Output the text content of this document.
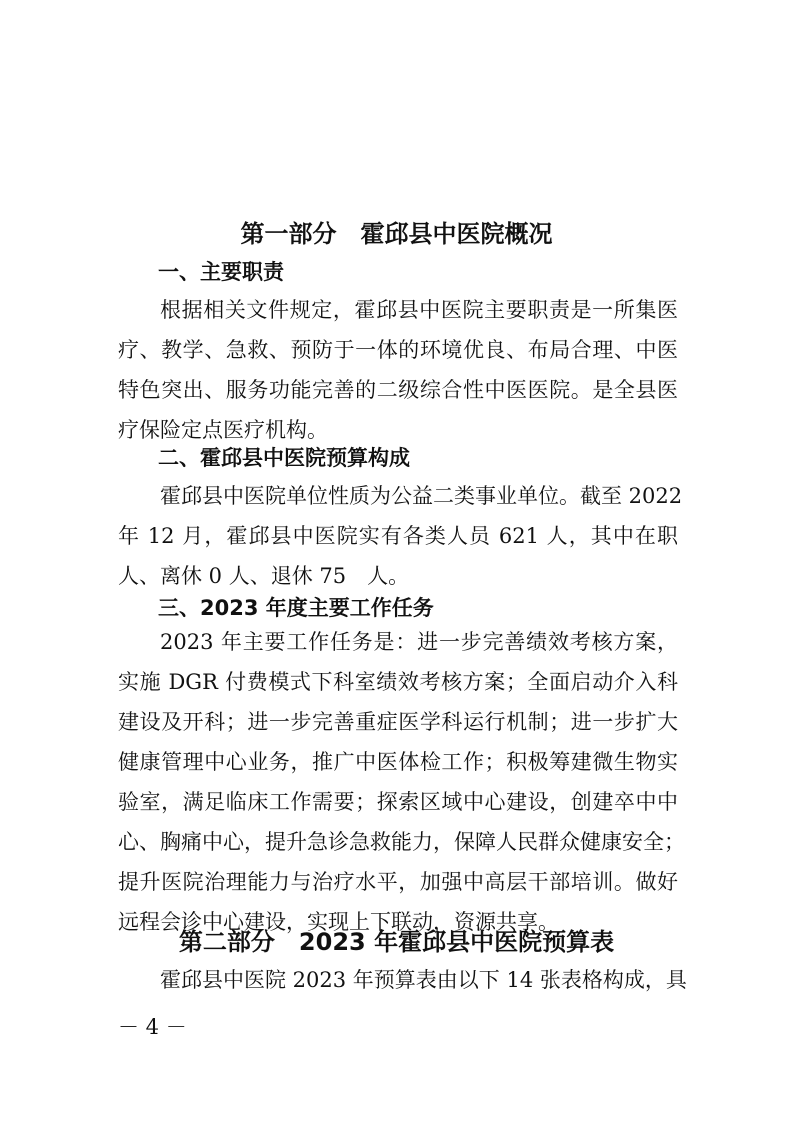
第一部分　霍邱县中医院概况
一、主要职责
根据相关文件规定，霍邱县中医院主要职责是一所集医
疗、教学、急救、预防于一体的环境优良、布局合理、中医
特色突出、服务功能完善的二级综合性中医医院。是全县医
疗保险定点医疗机构。
二、霍邱县中医院预算构成
霍邱县中医院单位性质为公益二类事业单位。截至 2022
年 12 月，霍邱县中医院实有各类人员 621 人，其中在职
人、离休 0 人、退休 75　人。
三、2023 年度主要工作任务
2023 年主要工作任务是：进一步完善绩效考核方案，
实施 DGR 付费模式下科室绩效考核方案；全面启动介入科
建设及开科；进一步完善重症医学科运行机制；进一步扩大
健康管理中心业务，推广中医体检工作；积极筹建微生物实
验室，满足临床工作需要；探索区域中心建设，创建卒中中
心、胸痛中心，提升急诊急救能力，保障人民群众健康安全；
提升医院治理能力与治疗水平，加强中高层干部培训。做好
远程会诊中心建设，实现上下联动，资源共享。
第二部分　2023 年霍邱县中医院预算表
霍邱县中医院 2023 年预算表由以下 14 张表格构成，具
－ 4 －
